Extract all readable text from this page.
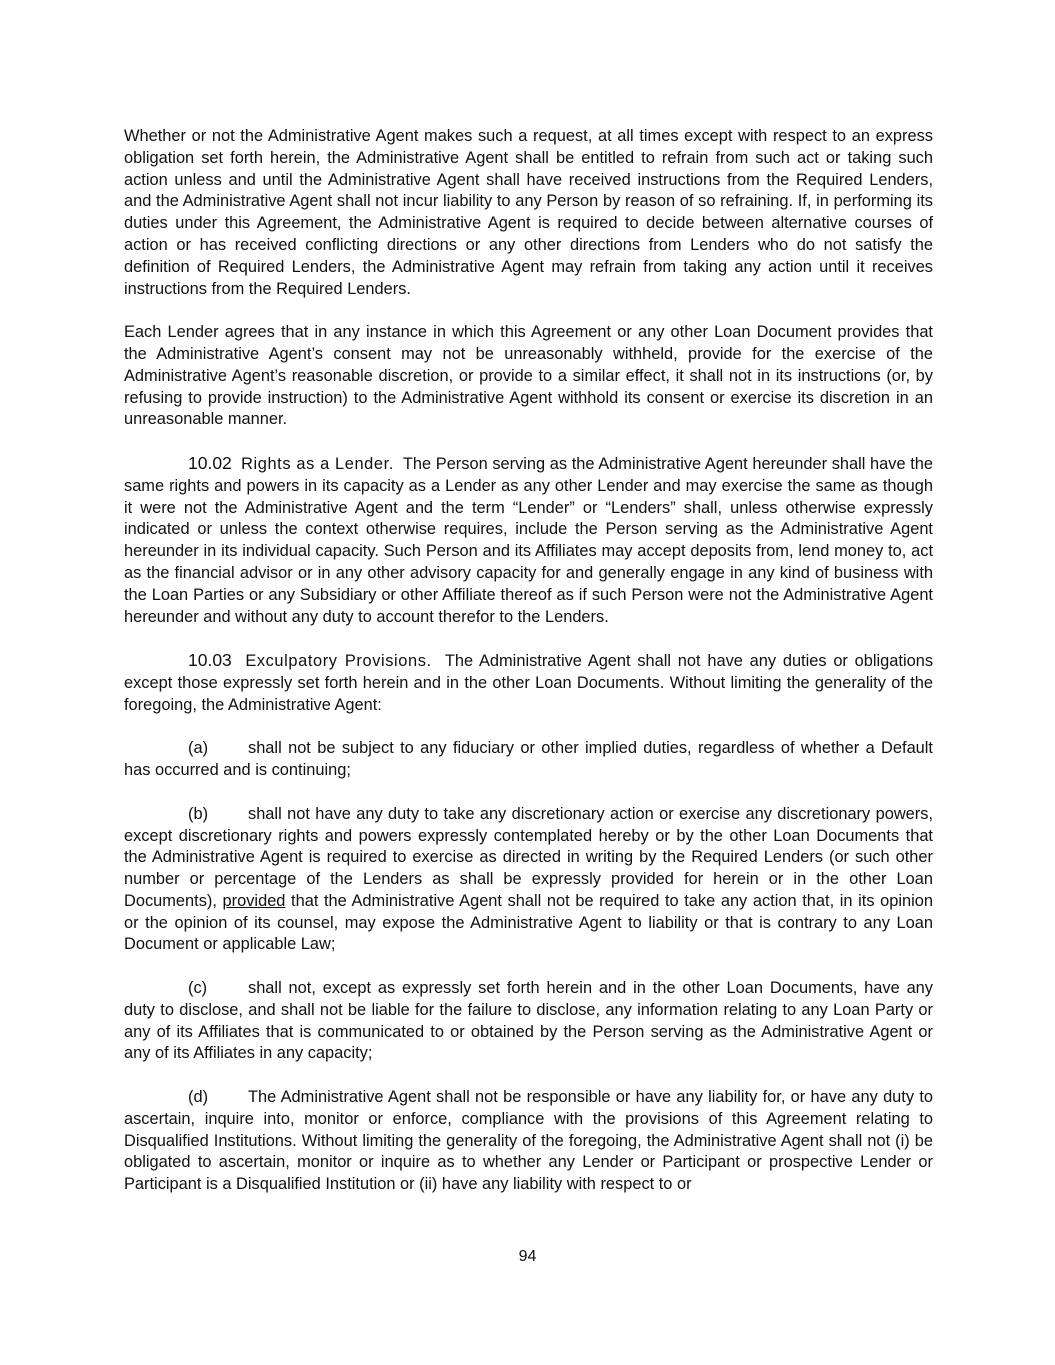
Whether or not the Administrative Agent makes such a request, at all times except with respect to an express obligation set forth herein, the Administrative Agent shall be entitled to refrain from such act or taking such action unless and until the Administrative Agent shall have received instructions from the Required Lenders, and the Administrative Agent shall not incur liability to any Person by reason of so refraining. If, in performing its duties under this Agreement, the Administrative Agent is required to decide between alternative courses of action or has received conflicting directions or any other directions from Lenders who do not satisfy the definition of Required Lenders, the Administrative Agent may refrain from taking any action until it receives instructions from the Required Lenders.

Each Lender agrees that in any instance in which this Agreement or any other Loan Document provides that the Administrative Agent’s consent may not be unreasonably withheld, provide for the exercise of the Administrative Agent’s reasonable discretion, or provide to a similar effect, it shall not in its instructions (or, by refusing to provide instruction) to the Administrative Agent withhold its consent or exercise its discretion in an unreasonable manner.

10.02 Rights as a Lender. The Person serving as the Administrative Agent hereunder shall have the same rights and powers in its capacity as a Lender as any other Lender and may exercise the same as though it were not the Administrative Agent and the term “Lender” or “Lenders” shall, unless otherwise expressly indicated or unless the context otherwise requires, include the Person serving as the Administrative Agent hereunder in its individual capacity. Such Person and its Affiliates may accept deposits from, lend money to, act as the financial advisor or in any other advisory capacity for and generally engage in any kind of business with the Loan Parties or any Subsidiary or other Affiliate thereof as if such Person were not the Administrative Agent hereunder and without any duty to account therefor to the Lenders.

10.03 Exculpatory Provisions. The Administrative Agent shall not have any duties or obligations except those expressly set forth herein and in the other Loan Documents. Without limiting the generality of the foregoing, the Administrative Agent:

(a) shall not be subject to any fiduciary or other implied duties, regardless of whether a Default has occurred and is continuing;

(b) shall not have any duty to take any discretionary action or exercise any discretionary powers, except discretionary rights and powers expressly contemplated hereby or by the other Loan Documents that the Administrative Agent is required to exercise as directed in writing by the Required Lenders (or such other number or percentage of the Lenders as shall be expressly provided for herein or in the other Loan Documents), provided that the Administrative Agent shall not be required to take any action that, in its opinion or the opinion of its counsel, may expose the Administrative Agent to liability or that is contrary to any Loan Document or applicable Law;

(c) shall not, except as expressly set forth herein and in the other Loan Documents, have any duty to disclose, and shall not be liable for the failure to disclose, any information relating to any Loan Party or any of its Affiliates that is communicated to or obtained by the Person serving as the Administrative Agent or any of its Affiliates in any capacity;

(d) The Administrative Agent shall not be responsible or have any liability for, or have any duty to ascertain, inquire into, monitor or enforce, compliance with the provisions of this Agreement relating to Disqualified Institutions. Without limiting the generality of the foregoing, the Administrative Agent shall not (i) be obligated to ascertain, monitor or inquire as to whether any Lender or Participant or prospective Lender or Participant is a Disqualified Institution or (ii) have any liability with respect to or

94
